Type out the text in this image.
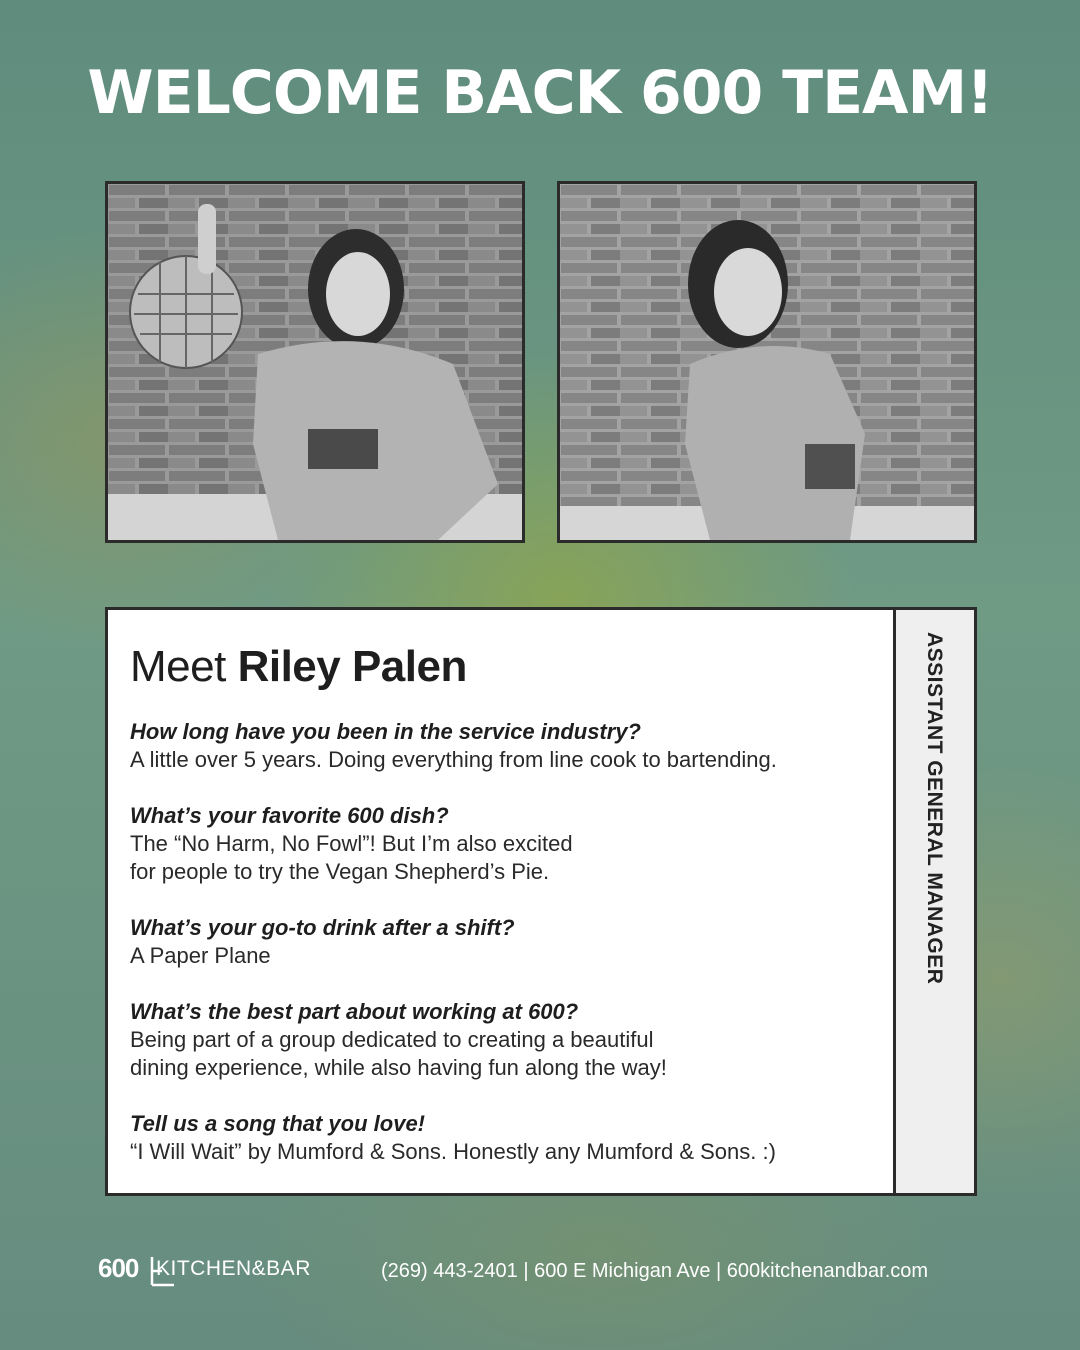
WELCOME BACK 600 TEAM!
Meet Riley Palen
How long have you been in the service industry?
A little over 5 years. Doing everything from line cook to bartending.
What’s your favorite 600 dish?
The “No Harm, No Fowl”! But I’m also excited
for people to try the Vegan Shepherd’s Pie.
What’s your go-to drink after a shift?
A Paper Plane
What’s the best part about working at 600?
Being part of a group dedicated to creating a beautiful
dining experience, while also having fun along the way!
Tell us a song that you love!
“I Will Wait” by Mumford & Sons. Honestly any Mumford & Sons. :)
ASSISTANT GENERAL MANAGER
600 KITCHEN&BAR	(269) 443-2401 | 600 E Michigan Ave | 600kitchenandbar.com
